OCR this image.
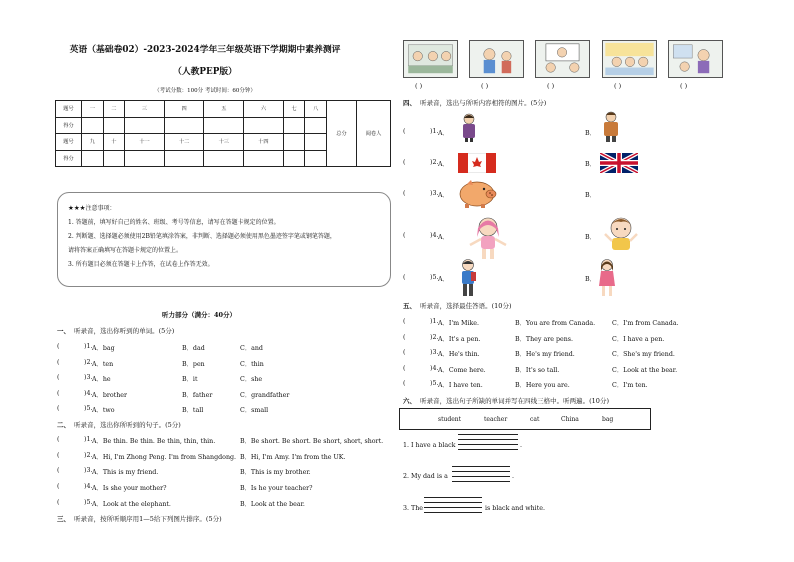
英语（基础卷02）-2023-2024学年三年级英语下学期期中素养测评
（人教PEP版）
（考试分数：100分 考试时间：60分钟）
题号	一	二	三	四	五	六	七	八	总分	阅卷人
得分										
题号	九	十	十一	十二	十三	十四				
得分										
★★★注意事项：
1. 答题前，填写好自己的姓名、班级、考号等信息，请写在答题卡规定的位置。
2. 判断题、选择题必须使用2B铅笔填涂答案，非判断、选择题必须使用黑色墨迹签字笔或钢笔答题，
请将答案正确填写在答题卡规定的位置上。
3. 所有题目必须在答题卡上作答，在试卷上作答无效。
听力部分（满分：40分）
一、 听录音，选出你听到的单词。(5分)
(	)1. A．bag	B．dad	C．and
(	)2. A．ten	B．pen	C．thin
(	)3. A．he	B．it	C．she
(	)4. A．brother	B．father	C．grandfather
(	)5. A．two	B．tall	C．small
二、 听录音，选出你所听到的句子。(5分)
(	)1. A．Be thin. Be thin. Be thin, thin, thin.	B．Be short. Be short. Be short, short, short.
(	)2. A．Hi, I'm Zhong Peng. I'm from Shangdong. B．Hi, I'm Amy. I'm from the UK.
(	)3. A．This is my friend.	B．This is my brother.
(	)4. A．Is she your mother?	B．Is he your teacher?
(	)5. A．Look at the elephant.	B．Look at the bear.
三、 听录音，按所听顺序用1—5给下列图片排序。(5分)
( )	( )	( )	( )	( )
四、 听录音，选出与所听内容相符的图片。(5分)
(	)1. A．	B．
(	)2. A．	B．
(	)3. A．	B．
(	)4. A．	B．
(	)5. A．	B．
五、 听录音，选择最佳答语。(10分)
(	)1. A．I'm Mike.	B．You are from Canada.	C．I'm from Canada.
(	)2. A．It's a pen.	B．They are pens.	C．I have a pen.
(	)3. A．He's thin.	B．He's my friend.	C．She's my friend.
(	)4. A．Come here.	B．It's so tall.	C．Look at the bear.
(	)5. A．I have ten.	B．Here you are.	C．I'm ten.
六、 听录音，选出句子所缺的单词并写在四线三格中。听两遍。(10分)
student	teacher	cat	China	bag
1. I have a black	.
2. My dad is a	.
3. The	is black and white.
